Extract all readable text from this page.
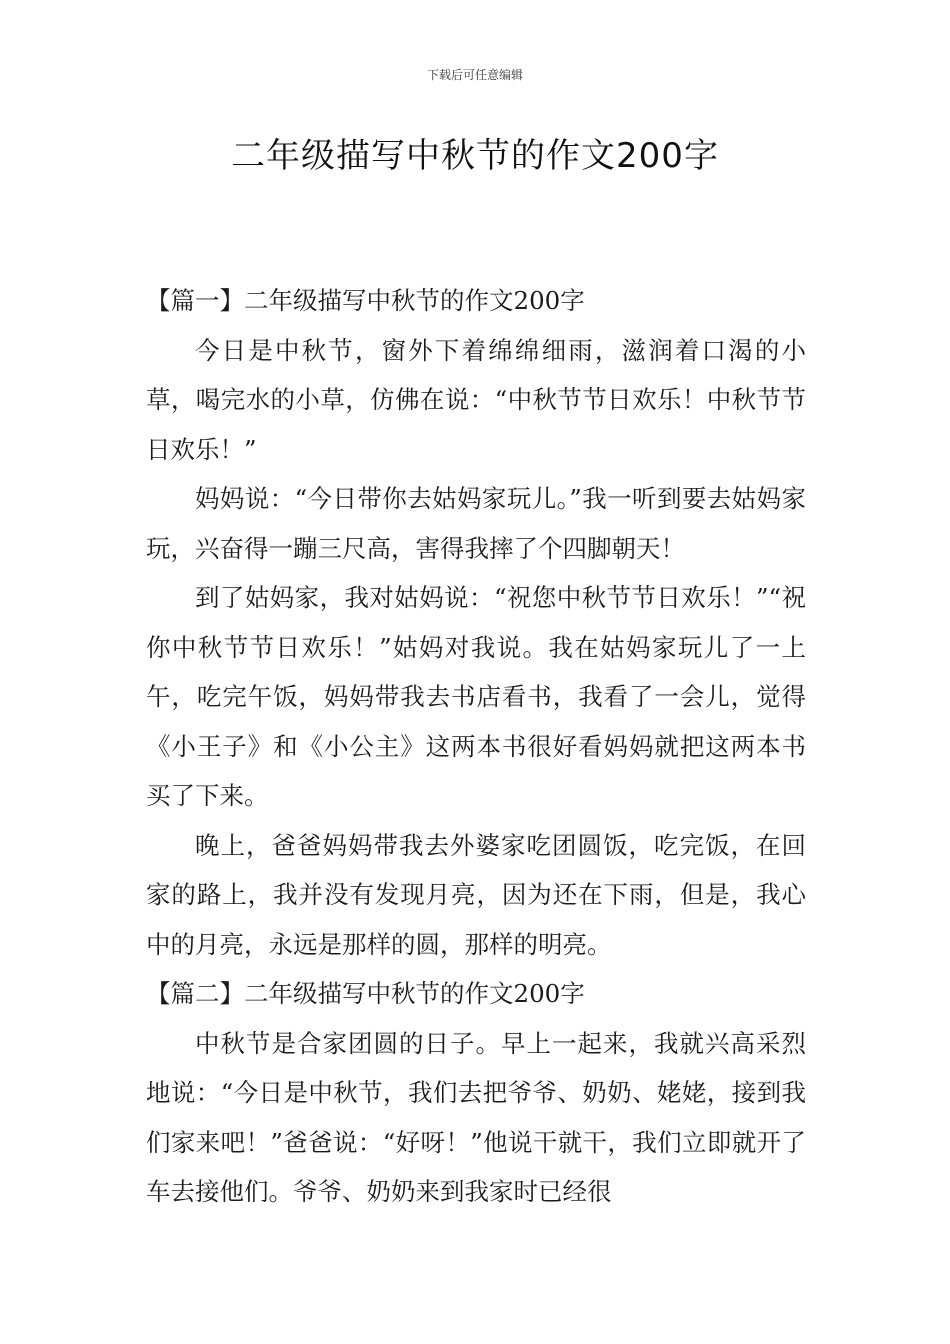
下载后可任意编辑
二年级描写中秋节的作文200字

【篇一】二年级描写中秋节的作文200字

今日是中秋节，窗外下着绵绵细雨，滋润着口渴的小草，喝完水的小草，仿佛在说：“中秋节节日欢乐！中秋节节日欢乐！”

妈妈说：“今日带你去姑妈家玩儿。”我一听到要去姑妈家玩，兴奋得一蹦三尺高，害得我摔了个四脚朝天！

到了姑妈家，我对姑妈说：“祝您中秋节节日欢乐！”“祝你中秋节节日欢乐！”姑妈对我说。我在姑妈家玩儿了一上午，吃完午饭，妈妈带我去书店看书，我看了一会儿，觉得《小王子》和《小公主》这两本书很好看妈妈就把这两本书买了下来。

晚上，爸爸妈妈带我去外婆家吃团圆饭，吃完饭，在回家的路上，我并没有发现月亮，因为还在下雨，但是，我心中的月亮，永远是那样的圆，那样的明亮。

【篇二】二年级描写中秋节的作文200字

中秋节是合家团圆的日子。早上一起来，我就兴高采烈地说：“今日是中秋节，我们去把爷爷、奶奶、姥姥，接到我们家来吧！”爸爸说：“好呀！”他说干就干，我们立即就开了车去接他们。爷爷、奶奶来到我家时已经很
